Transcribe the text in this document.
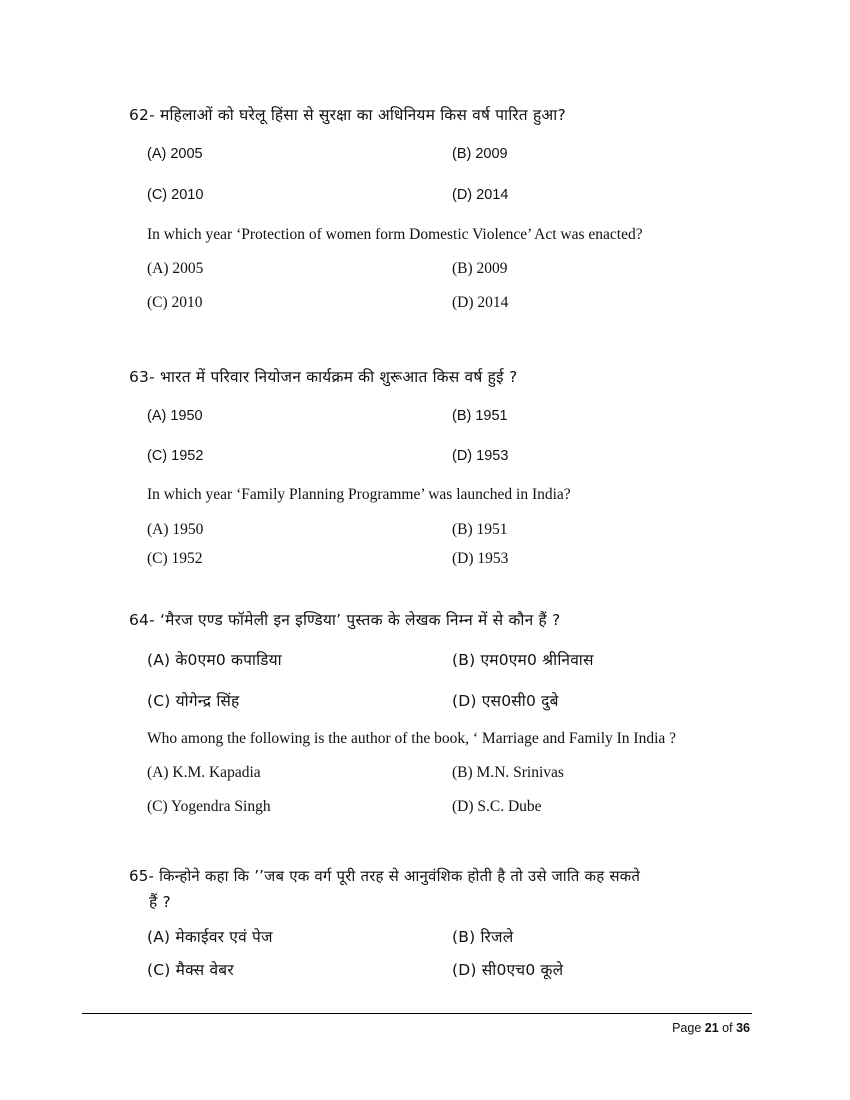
62- महिलाओं को घरेलू हिंसा से सुरक्षा का अधिनियम किस वर्ष पारित हुआ?
(A) 2005	(B) 2009
(C) 2010	(D) 2014
In which year ‘Protection of women form Domestic Violence’ Act was enacted?
(A) 2005	(B) 2009
(C) 2010	(D) 2014
63- भारत में परिवार नियोजन कार्यक्रम की शुरूआत किस वर्ष हुई ?
(A) 1950	(B) 1951
(C) 1952	(D) 1953
In which year ‘Family Planning Programme’ was launched in India?
(A) 1950	(B) 1951
(C) 1952	(D) 1953
64- ‘मैरज एण्ड फॉमेली इन इण्डिया’ पुस्तक के लेखक निम्न में से कौन हैं ?
(A) के0एम0 कपाडिया	(B) एम0एम0 श्रीनिवास
(C) योगेन्द्र सिंह	(D) एस0सी0 दुबे
Who among the following is the author of the book, ‘ Marriage and Family In India ?
(A) K.M. Kapadia	(B) M.N. Srinivas
(C) Yogendra Singh	(D) S.C. Dube
65- किन्होने कहा कि ’’जब एक वर्ग पूरी तरह से आनुवंशिक होती है तो उसे जाति कह सकते
हैं ?
(A) मेकाईवर एवं पेज	(B) रिजले
(C) मैक्स वेबर	(D) सी0एच0 कूले
Page 21 of 36
